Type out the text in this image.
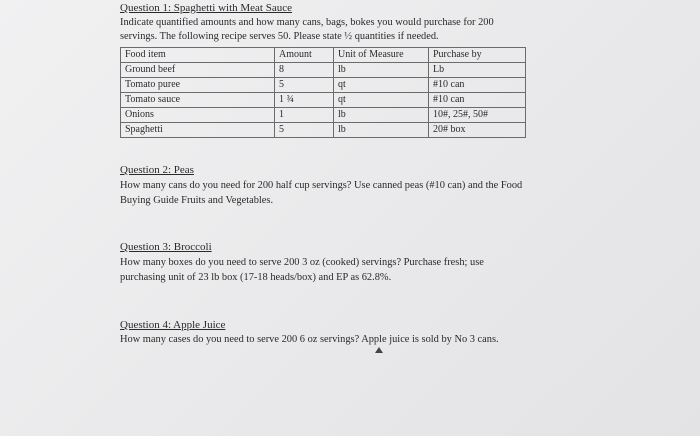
Question 1: Spaghetti with Meat Sauce
Indicate quantified amounts and how many cans, bags, bokes you would purchase for 200
servings. The following recipe serves 50. Please state ½ quantities if needed.
Food item	Amount	Unit of Measure	Purchase by
Ground beef	8	lb	Lb
Tomato puree	5	qt	#10 can
Tomato sauce	1 ¾	qt	#10 can
Onions	1	lb	10#, 25#, 50#
Spaghetti	5	lb	20# box
Question 2: Peas
How many cans do you need for 200 half cup servings? Use canned peas (#10 can) and the Food
Buying Guide Fruits and Vegetables.
Question 3: Broccoli
How many boxes do you need to serve 200 3 oz (cooked) servings? Purchase fresh; use
purchasing unit of 23 lb box (17-18 heads/box) and EP as 62.8%.
Question 4: Apple Juice
How many cases do you need to serve 200 6 oz servings? Apple juice is sold by No 3 cans.
